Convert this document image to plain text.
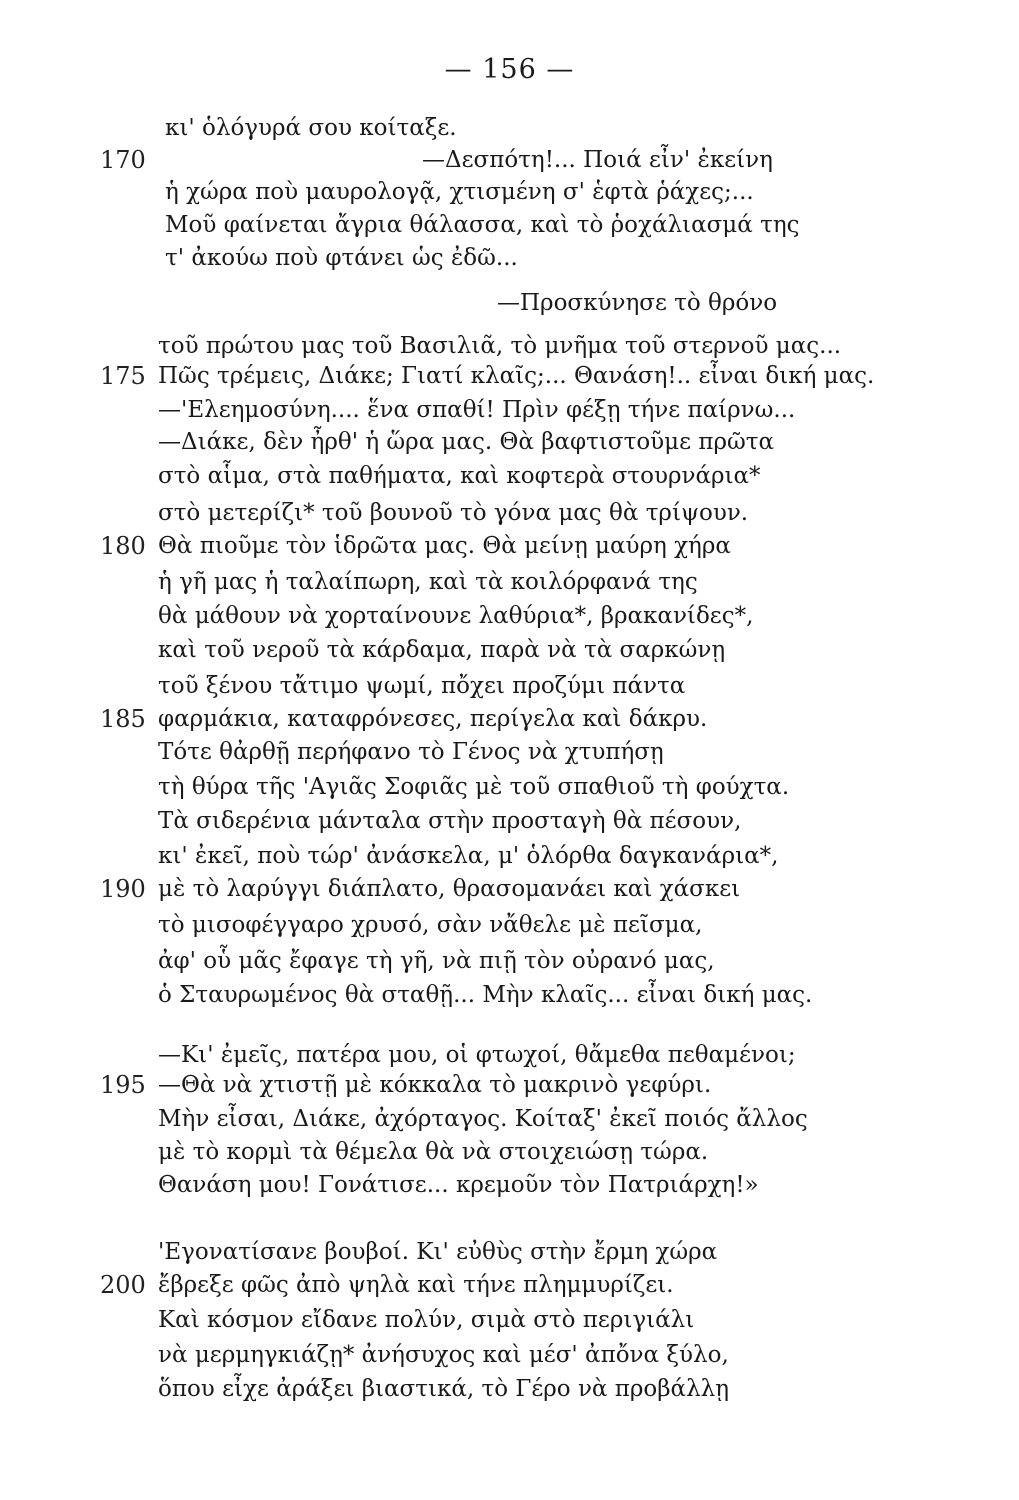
— 156 —
κι' ὁλόγυρά σου κοίταξε.
170	—Δεσπότη!... Ποιά εἶν' ἐκείνη
ἡ χώρα ποὺ μαυρολογᾷ, χτισμένη σ' ἑφτὰ ῥάχες;...
Μοῦ φαίνεται ἄγρια θάλασσα, καὶ τὸ ῥοχάλιασμά της
τ' ἀκούω ποὺ φτάνει ὡς ἐδῶ...
—Προσκύνησε τὸ θρόνο
τοῦ πρώτου μας τοῦ Βασιλιᾶ, τὸ μνῆμα τοῦ στερνοῦ μας...
175 Πῶς τρέμεις, Διάκε; Γιατί κλαῖς;... Θανάση!.. εἶναι δική μας.
—'Ελεημοσύνη.... ἕνα σπαθί! Πρὶν φέξῃ τήνε παίρνω...
—Διάκε, δὲν ἦρθ' ἡ ὥρα μας. Θὰ βαφτιστοῦμε πρῶτα
στὸ αἷμα, στὰ παθήματα, καὶ κοφτερὰ στουρνάρια*
στὸ μετερίζι* τοῦ βουνοῦ τὸ γόνα μας θὰ τρίψουν.
180 Θὰ πιοῦμε τὸν ἱδρῶτα μας. Θὰ μείνῃ μαύρη χήρα
ἡ γῆ μας ἡ ταλαίπωρη, καὶ τὰ κοιλόρφανά της
θὰ μάθουν νὰ χορταίνουνε λαθύρια*, βρακανίδες*,
καὶ τοῦ νεροῦ τὰ κάρδαμα, παρὰ νὰ τὰ σαρκώνῃ
τοῦ ξένου τἄτιμο ψωμί, πὄχει προζύμι πάντα
185 φαρμάκια, καταφρόνεσες, περίγελα καὶ δάκρυ.
Τότε θἀρθῇ περήφανο τὸ Γένος νὰ χτυπήσῃ
τὴ θύρα τῆς 'Αγιᾶς Σοφιᾶς μὲ τοῦ σπαθιοῦ τὴ φούχτα.
Τὰ σιδερένια μάνταλα στὴν προσταγὴ θὰ πέσουν,
κι' ἐκεῖ, ποὺ τώρ' ἀνάσκελα, μ' ὁλόρθα δαγκανάρια*,
190 μὲ τὸ λαρύγγι διάπλατο, θρασομανάει καὶ χάσκει
τὸ μισοφέγγαρο χρυσό, σὰν νἄθελε μὲ πεῖσμα,
ἀφ' οὗ μᾶς ἔφαγε τὴ γῆ, νὰ πιῇ τὸν οὐρανό μας,
ὁ Σταυρωμένος θὰ σταθῇ... Μὴν κλαῖς... εἶναι δική μας.
—Κι' ἐμεῖς, πατέρα μου, οἱ φτωχοί, θἄμεθα πεθαμένοι;
195 —Θὰ νὰ χτιστῇ μὲ κόκκαλα τὸ μακρινὸ γεφύρι.
Μὴν εἶσαι, Διάκε, ἀχόρταγος. Κοίταξ' ἐκεῖ ποιός ἄλλος
μὲ τὸ κορμὶ τὰ θέμελα θὰ νὰ στοιχειώσῃ τώρα.
Θανάση μου! Γονάτισε... κρεμοῦν τὸν Πατριάρχη!»
'Εγονατίσανε βουβοί. Κι' εὐθὺς στὴν ἔρμη χώρα
200 ἔβρεξε φῶς ἀπὸ ψηλὰ καὶ τήνε πλημμυρίζει.
Καὶ κόσμον εἴδανε πολύν, σιμὰ στὸ περιγιάλι
νὰ μερμηγκιάζῃ* ἀνήσυχος καὶ μέσ' ἀπὄνα ξύλο,
ὅπου εἶχε ἀράξει βιαστικά, τὸ Γέρο νὰ προβάλλῃ
